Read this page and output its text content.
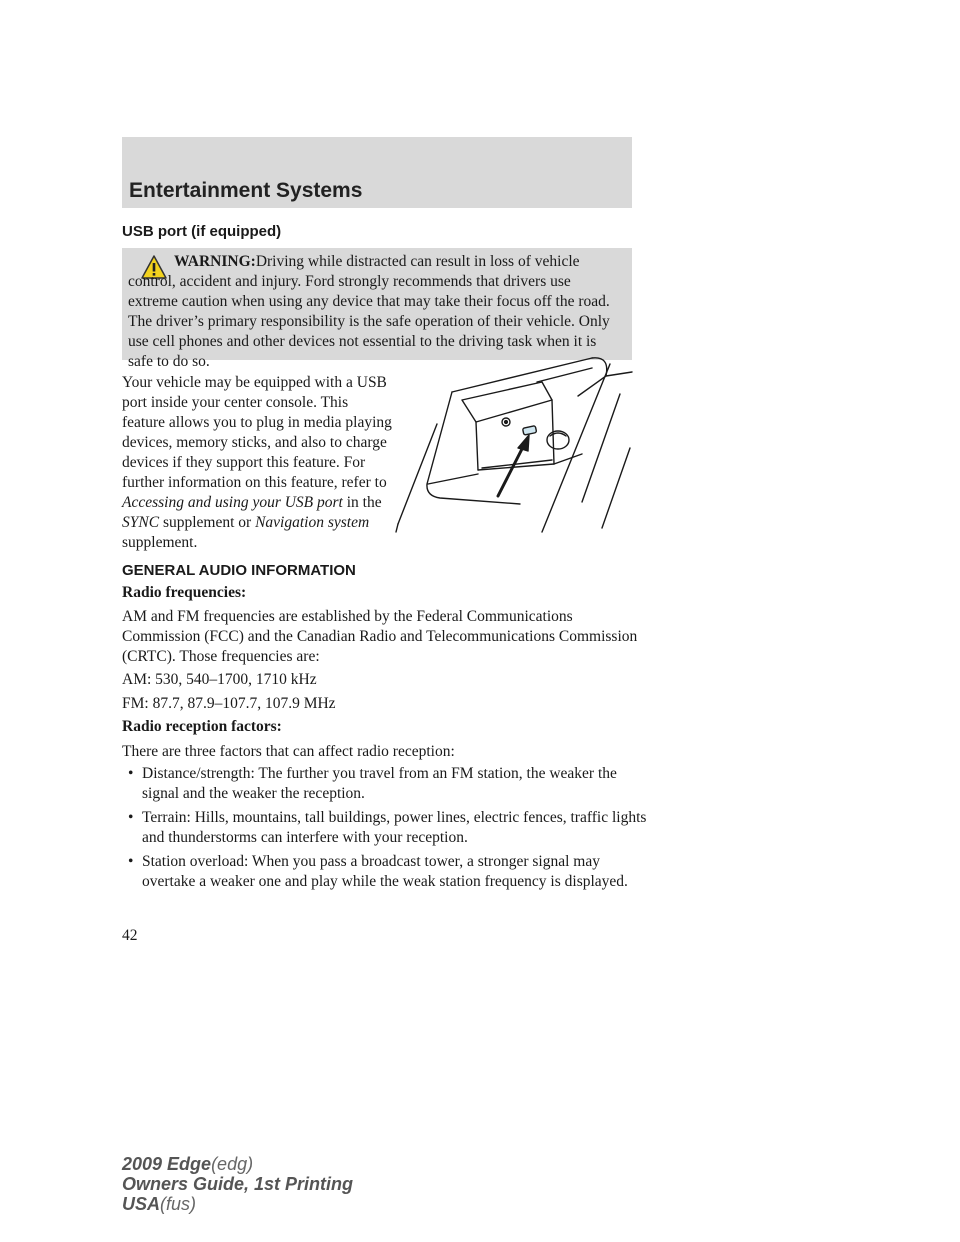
Entertainment Systems
USB port (if equipped)
WARNING:Driving while distracted can result in loss of vehicle control, accident and injury. Ford strongly recommends that drivers use extreme caution when using any device that may take their focus off the road. The driver’s primary responsibility is the safe operation of their vehicle. Only use cell phones and other devices not essential to the driving task when it is safe to do so.
Your vehicle may be equipped with a USB port inside your center console. This feature allows you to plug in media playing devices, memory sticks, and also to charge devices if they support this feature. For further information on this feature, refer to Accessing and using your USB port in the SYNC supplement or Navigation system supplement.
GENERAL AUDIO INFORMATION
Radio frequencies:
AM and FM frequencies are established by the Federal Communications Commission (FCC) and the Canadian Radio and Telecommunications Commission (CRTC). Those frequencies are:
AM: 530, 540–1700, 1710 kHz
FM: 87.7, 87.9–107.7, 107.9 MHz
Radio reception factors:
There are three factors that can affect radio reception:
• Distance/strength: The further you travel from an FM station, the weaker the signal and the weaker the reception.
• Terrain: Hills, mountains, tall buildings, power lines, electric fences, traffic lights and thunderstorms can interfere with your reception.
• Station overload: When you pass a broadcast tower, a stronger signal may overtake a weaker one and play while the weak station frequency is displayed.
42
2009 Edge(edg)
Owners Guide, 1st Printing
USA(fus)
